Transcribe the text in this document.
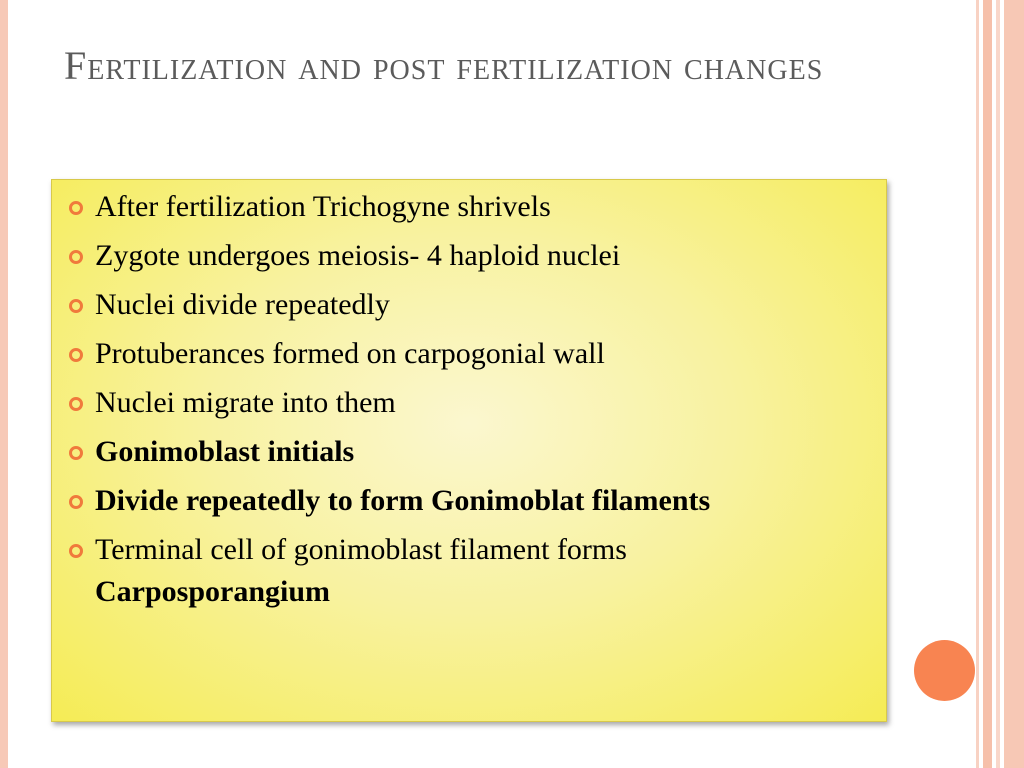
Fertilization and post fertilization changes
After fertilization Trichogyne shrivels
Zygote undergoes meiosis- 4 haploid nuclei
Nuclei divide repeatedly
Protuberances formed on carpogonial wall
Nuclei migrate into them
Gonimoblast initials
Divide repeatedly to form Gonimoblat filaments
Terminal cell of gonimoblast filament forms
Carposporangium
